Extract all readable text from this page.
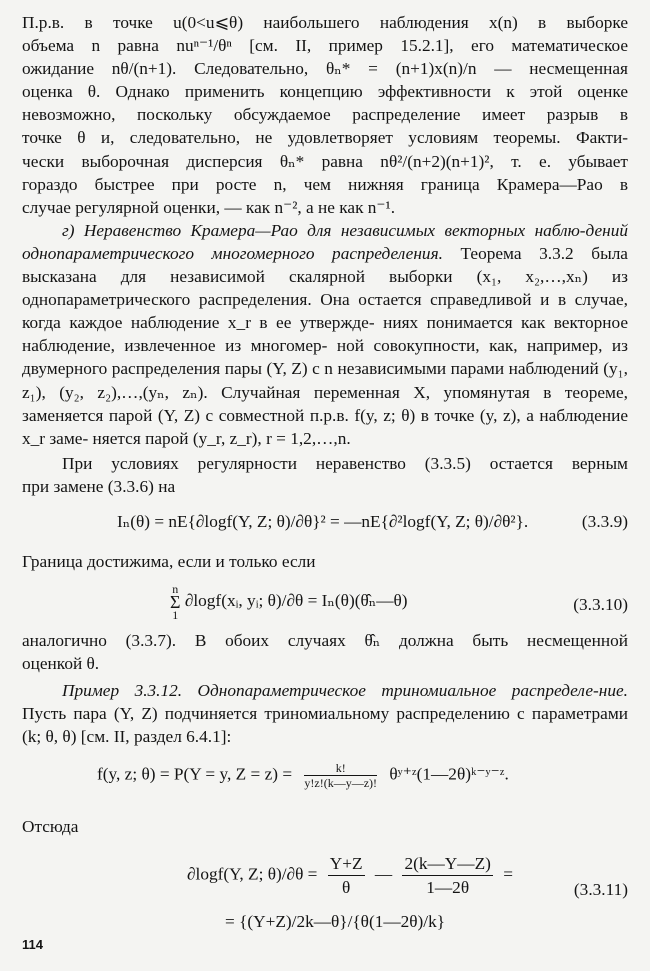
П.р.в. в точке u(0<u⩽θ) наибольшего наблюдения x(n) в выборке
объема n равна nuⁿ⁻¹/θⁿ [см. II, пример 15.2.1], его математическое
ожидание nθ/(n+1). Следовательно, θₙ* = (n+1)x(n)/n — несмещенная
оценка θ. Однако применить концепцию эффективности к этой оценке
невозможно, поскольку обсуждаемое распределение имеет разрыв в
точке θ и, следовательно, не удовлетворяет условиям теоремы. Факти-
чески выборочная дисперсия θₙ* равна nθ²/(n+2)(n+1)², т. е. убывает
гораздо быстрее при росте n, чем нижняя граница Крамера—Рао в
случае регулярной оценки, — как n⁻², а не как n⁻¹.

г) Неравенство Крамера—Рао для независимых векторных наблю-дений однопараметрического многомерного распределения. Теорема 3.3.2 была высказана для независимой скалярной выборки (x₁, x₂,…,xₙ) из однопараметрического распределения. Она остается справедливой и в случае, когда каждое наблюдение x_r в ее утвержде- ниях понимается как векторное наблюдение, извлеченное из многомер- ной совокупности, как, например, из двумерного распределения пары (Y, Z) с n независимыми парами наблюдений (y₁, z₁), (y₂, z₂),…,(yₙ, zₙ). Случайная переменная X, упомянутая в теореме, заменяется парой (Y, Z) с совместной п.р.в. f(y, z; θ) в точке (y, z), а наблюдение x_r заме- няется парой (y_r, z_r), r = 1,2,…,n.

При условиях регулярности неравенство (3.3.5) остается верным
при замене (3.3.6) на
Iₙ(θ) = nE{∂logf(Y, Z; θ)/∂θ}² = —nE{∂²logf(Y, Z; θ)/∂θ²}.	(3.3.9)

Граница достижима, если и только если

n
Σ
1
∂logf(xᵢ, yᵢ; θ)/∂θ = Iₙ(θ)(θ̂ₙ—θ)	(3.3.10)
аналогично (3.3.7). В обоих случаях θ̂ₙ должна быть несмещенной
оценкой θ.

Пример 3.3.12. Однопараметрическое триномиальное распределе-ние. Пусть пара (Y, Z) подчиняется триномиальному распределению с параметрами (k; θ, θ) [см. II, раздел 6.4.1]:

f(y, z; θ) = P(Y = y, $Z = z) = \frac{k!}{y!z!(k—y—z)!}$ θʸ⁺ᶻ(1—2θ)ᵏ⁻ʸ⁻ᶻ.

Отсюда

∂logf(Y, Z; $\theta)/\partial\theta = \frac{Y+Z}{\theta}$ — $\frac{2(k—Y—Z)}{1—2\theta}$ =
(3.3.11)
= {(Y+Z)/2k—θ}/{θ(1—2θ)/k}
114
